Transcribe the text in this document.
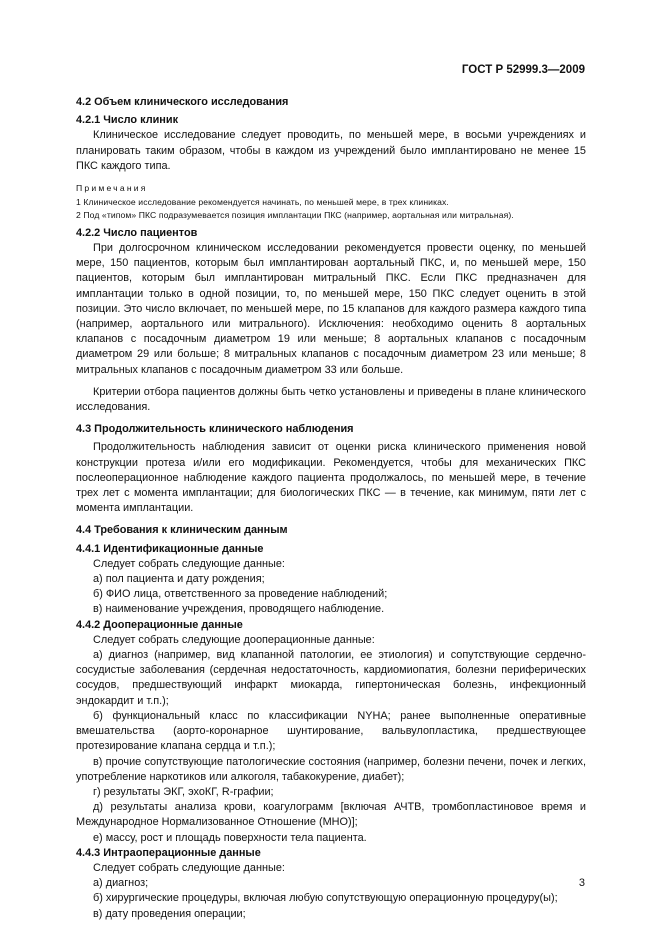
ГОСТ Р 52999.3—2009
4.2 Объем клинического исследования
4.2.1 Число клиник

Клиническое исследование следует проводить, по меньшей мере, в восьми учреждениях и планировать таким образом, чтобы в каждом из учреждений было имплантировано не менее 15 ПКС каждого типа.

Примечания
1 Клиническое исследование рекомендуется начинать, по меньшей мере, в трех клиниках.
2 Под «типом» ПКС подразумевается позиция имплантации ПКС (например, аортальная или митральная).
4.2.2 Число пациентов

При долгосрочном клиническом исследовании рекомендуется провести оценку, по меньшей мере, 150 пациентов, которым был имплантирован аортальный ПКС, и, по меньшей мере, 150 пациентов, которым был имплантирован митральный ПКС. Если ПКС предназначен для имплантации только в одной позиции, то, по меньшей мере, 150 ПКС следует оценить в этой позиции. Это число включает, по меньшей мере, по 15 клапанов для каждого размера каждого типа (например, аортального или митрального). Исключения: необходимо оценить 8 аортальных клапанов с посадочным диаметром 19 или меньше; 8 аортальных клапанов с посадочным диаметром 29 или больше; 8 митральных клапанов с посадочным диаметром 23 или меньше; 8 митральных клапанов с посадочным диаметром 33 или больше.

Критерии отбора пациентов должны быть четко установлены и приведены в плане клинического исследования.

4.3 Продолжительность клинического наблюдения

Продолжительность наблюдения зависит от оценки риска клинического применения новой конструкции протеза и/или его модификации. Рекомендуется, чтобы для механических ПКС послеоперационное наблюдение каждого пациента продолжалось, по меньшей мере, в течение трех лет с момента имплантации; для биологических ПКС — в течение, как минимум, пяти лет с момента имплантации.

4.4 Требования к клиническим данным
4.4.1 Идентификационные данные

Следует собрать следующие данные:

а) пол пациента и дату рождения;

б) ФИО лица, ответственного за проведение наблюдений;

в) наименование учреждения, проводящего наблюдение.

4.4.2 Дооперационные данные

Следует собрать следующие дооперационные данные:

а) диагноз (например, вид клапанной патологии, ее этиология) и сопутствующие сердечно-сосудистые заболевания (сердечная недостаточность, кардиомиопатия, болезни периферических сосудов, предшествующий инфаркт миокарда, гипертоническая болезнь, инфекционный эндокардит и т.п.);

б) функциональный класс по классификации NYHA; ранее выполненные оперативные вмешательства (аорто-коронарное шунтирование, вальвулопластика, предшествующее протезирование клапана сердца и т.п.);

в) прочие сопутствующие патологические состояния (например, болезни печени, почек и легких, употребление наркотиков или алкоголя, табакокурение, диабет);

г) результаты ЭКГ, эхоКГ, R-графии;

д) результаты анализа крови, коагулограмм [включая АЧТВ, тромбопластиновое время и Международное Нормализованное Отношение (МНО)];

е) массу, рост и площадь поверхности тела пациента.

4.4.3 Интраоперационные данные

Следует собрать следующие данные:

а) диагноз;

б) хирургические процедуры, включая любую сопутствующую операционную процедуру(ы);

в) дату проведения операции;

3
